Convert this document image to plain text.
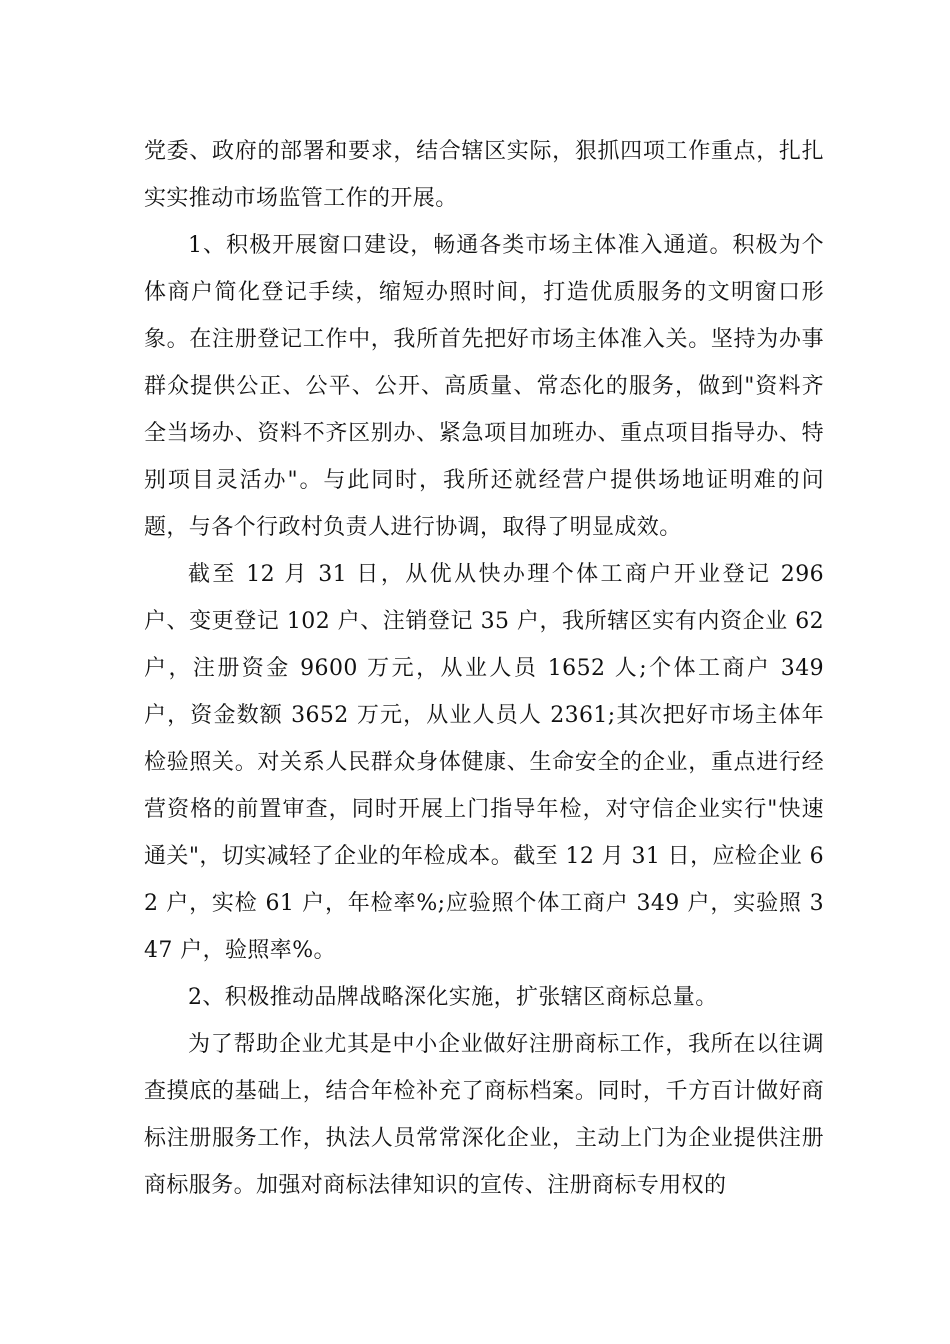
党委、政府的部署和要求，结合辖区实际，狠抓四项工作重点，扎扎实实推动市场监管工作的开展。

1、积极开展窗口建设，畅通各类市场主体准入通道。积极为个体商户简化登记手续，缩短办照时间，打造优质服务的文明窗口形象。在注册登记工作中，我所首先把好市场主体准入关。坚持为办事群众提供公正、公平、公开、高质量、常态化的服务，做到"资料齐全当场办、资料不齐区别办、紧急项目加班办、重点项目指导办、特别项目灵活办"。与此同时，我所还就经营户提供场地证明难的问题，与各个行政村负责人进行协调，取得了明显成效。

截至 12 月 31 日，从优从快办理个体工商户开业登记 296 户、变更登记 102 户、注销登记 35 户，我所辖区实有内资企业 62 户，注册资金 9600 万元，从业人员 1652 人;个体工商户 349 户，资金数额 3652 万元，从业人员人 2361;其次把好市场主体年检验照关。对关系人民群众身体健康、生命安全的企业，重点进行经营资格的前置审查，同时开展上门指导年检，对守信企业实行"快速通关"，切实减轻了企业的年检成本。截至 12 月 31 日，应检企业 62 户，实检 61 户，年检率%;应验照个体工商户 349 户，实验照 347 户，验照率%。

2、积极推动品牌战略深化实施，扩张辖区商标总量。

为了帮助企业尤其是中小企业做好注册商标工作，我所在以往调查摸底的基础上，结合年检补充了商标档案。同时，千方百计做好商标注册服务工作，执法人员常常深化企业，主动上门为企业提供注册商标服务。加强对商标法律知识的宣传、注册商标专用权的
